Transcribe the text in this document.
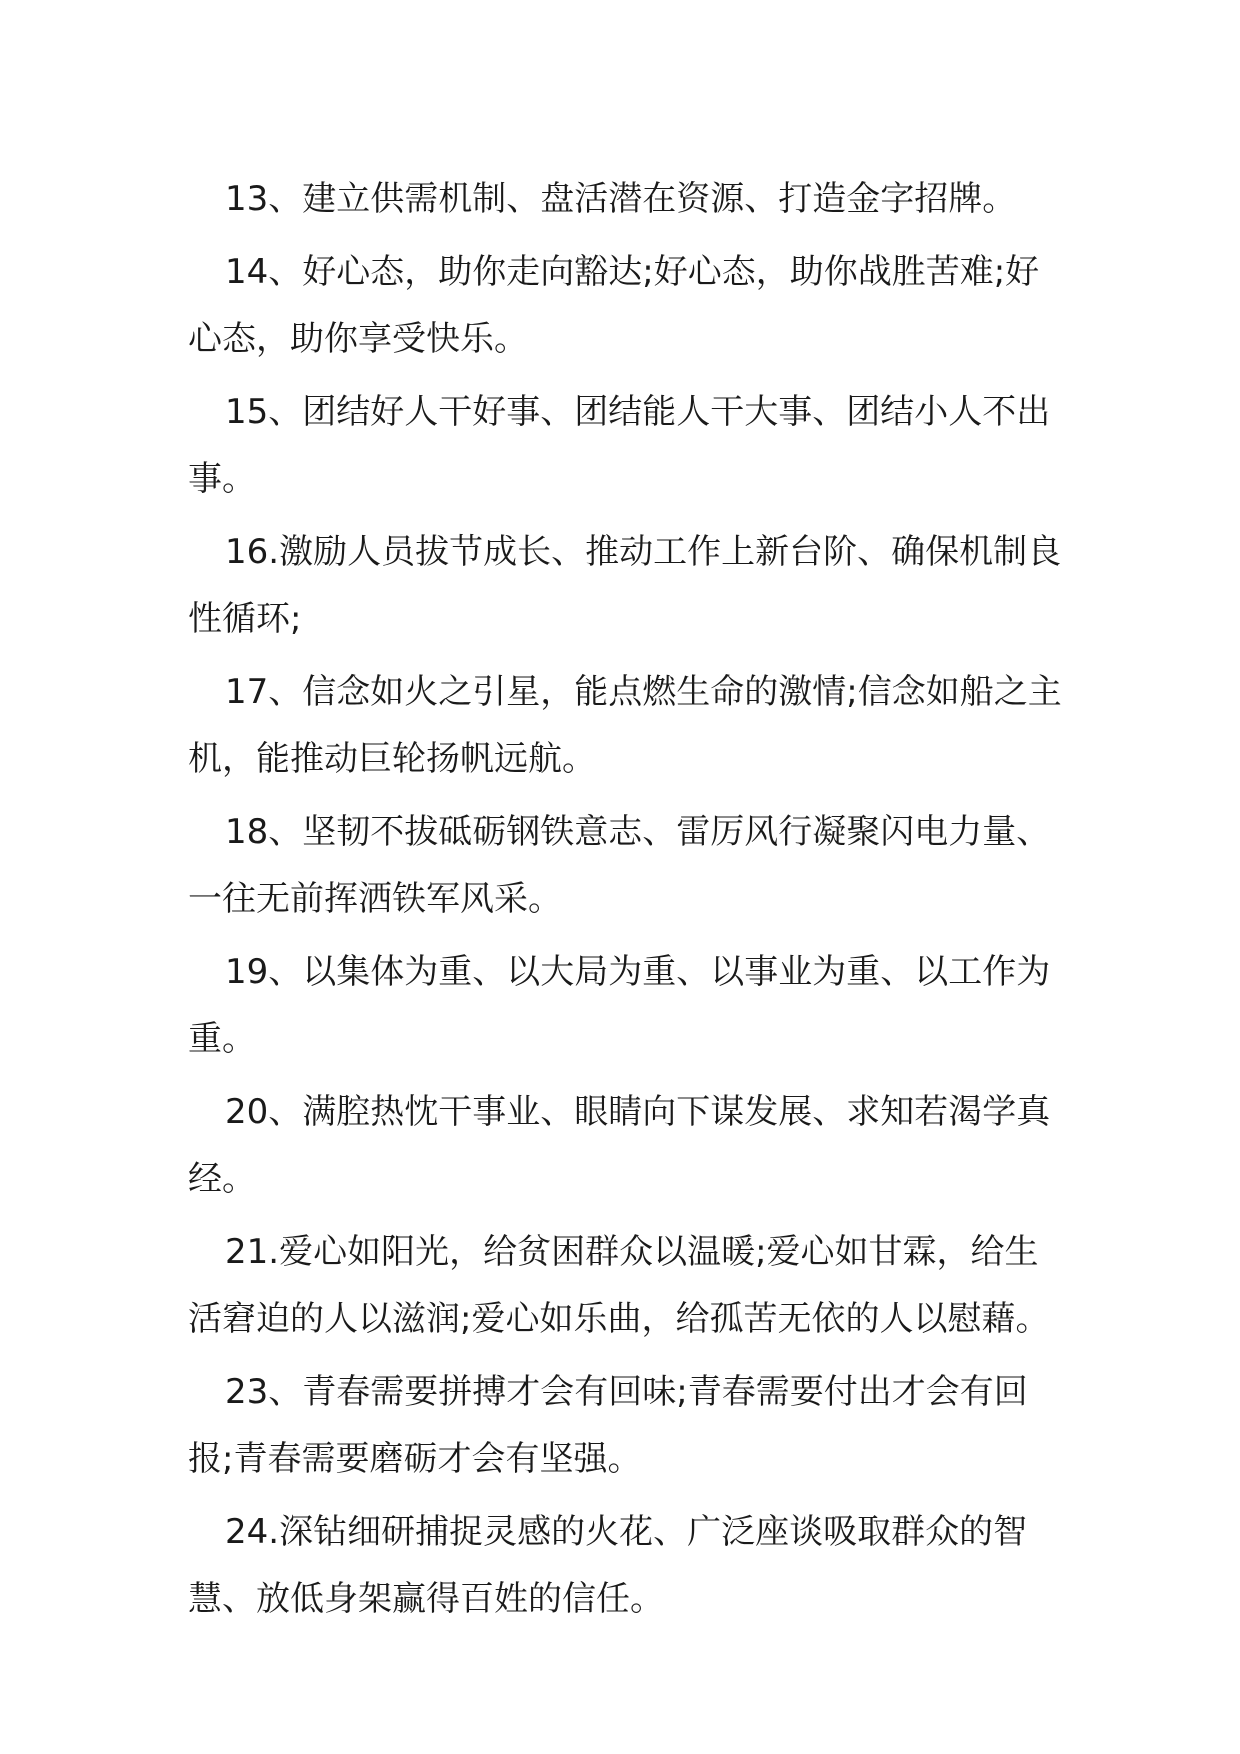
13、建立供需机制、盘活潜在资源、打造金字招牌。

14、好心态，助你走向豁达;好心态，助你战胜苦难;好心态，助你享受快乐。

15、团结好人干好事、团结能人干大事、团结小人不出事。

16.激励人员拔节成长、推动工作上新台阶、确保机制良性循环;

17、信念如火之引星，能点燃生命的激情;信念如船之主机，能推动巨轮扬帆远航。

18、坚韧不拔砥砺钢铁意志、雷厉风行凝聚闪电力量、一往无前挥洒铁军风采。

19、以集体为重、以大局为重、以事业为重、以工作为重。

20、满腔热忱干事业、眼睛向下谋发展、求知若渴学真经。

21.爱心如阳光，给贫困群众以温暖;爱心如甘霖，给生活窘迫的人以滋润;爱心如乐曲，给孤苦无依的人以慰藉。

23、青春需要拼搏才会有回味;青春需要付出才会有回报;青春需要磨砺才会有坚强。

24.深钻细研捕捉灵感的火花、广泛座谈吸取群众的智慧、放低身架赢得百姓的信任。
